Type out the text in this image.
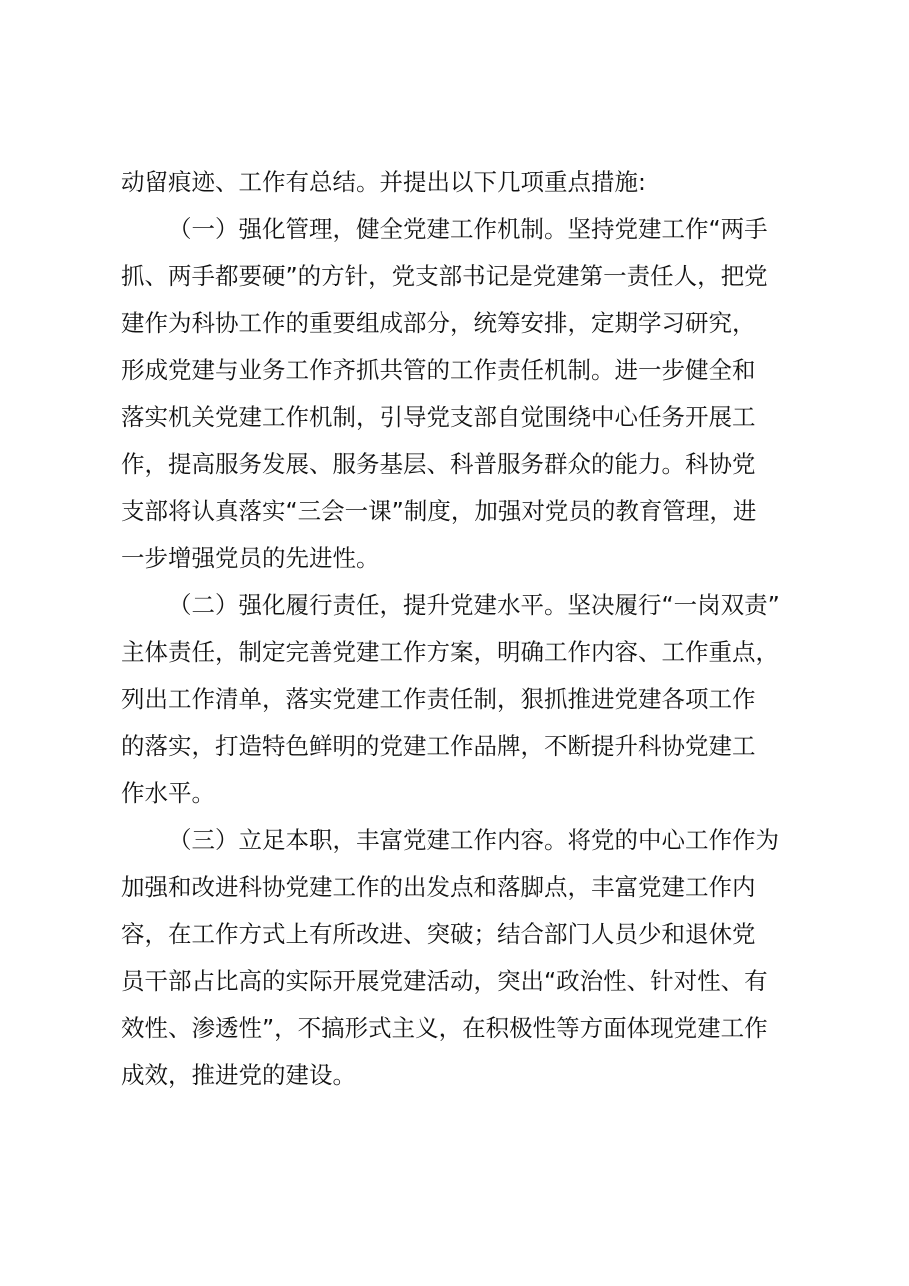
动留痕迹、工作有总结。并提出以下几项重点措施:
（一）强化管理，健全党建工作机制。坚持党建工作“两手
抓、两手都要硬”的方针，党支部书记是党建第一责任人，把党
建作为科协工作的重要组成部分，统筹安排，定期学习研究，
形成党建与业务工作齐抓共管的工作责任机制。进一步健全和
落实机关党建工作机制，引导党支部自觉围绕中心任务开展工
作，提高服务发展、服务基层、科普服务群众的能力。科协党
支部将认真落实“三会一课”制度，加强对党员的教育管理，进
一步增强党员的先进性。
（二）强化履行责任，提升党建水平。坚决履行“一岗双责”
主体责任，制定完善党建工作方案，明确工作内容、工作重点，
列出工作清单，落实党建工作责任制，狠抓推进党建各项工作
的落实，打造特色鲜明的党建工作品牌，不断提升科协党建工
作水平。
（三）立足本职，丰富党建工作内容。将党的中心工作作为
加强和改进科协党建工作的出发点和落脚点，丰富党建工作内
容，在工作方式上有所改进、突破；结合部门人员少和退休党
员干部占比高的实际开展党建活动，突出“政治性、针对性、有
效性、渗透性”，不搞形式主义，在积极性等方面体现党建工作
成效，推进党的建设。
